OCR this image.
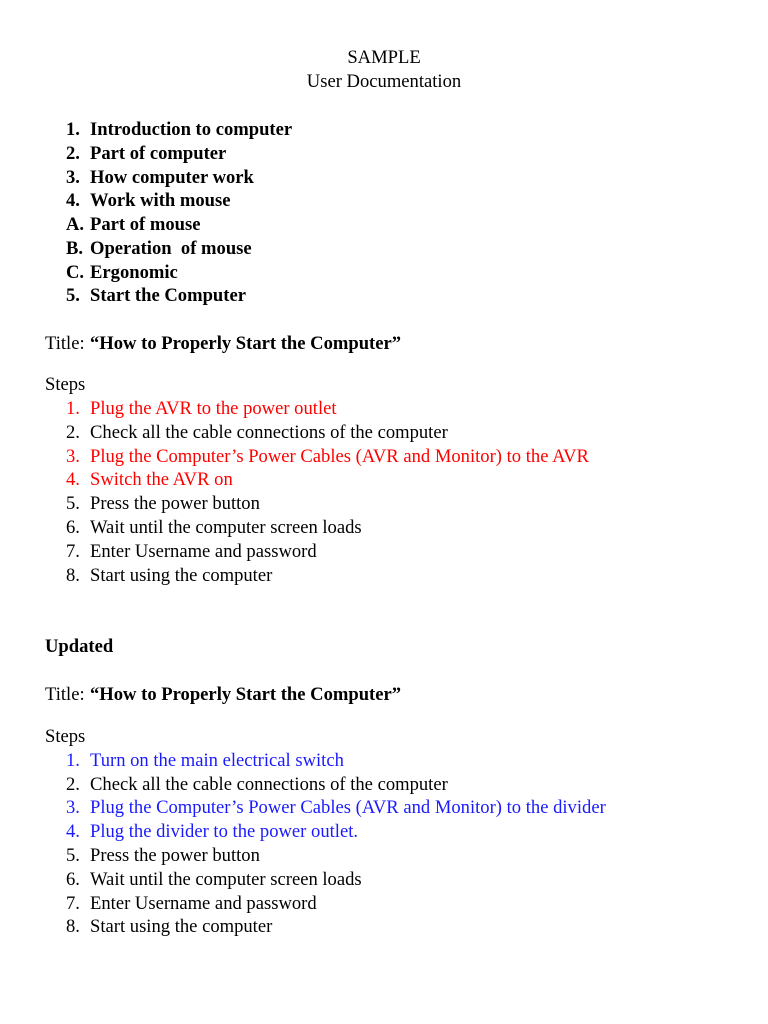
SAMPLE
User Documentation
1. Introduction to computer
2. Part of computer
3. How computer work
4. Work with mouse
A. Part of mouse
B. Operation  of mouse
C. Ergonomic
5. Start the Computer
Title: “How to Properly Start the Computer”
Steps
1. Plug the AVR to the power outlet
2. Check all the cable connections of the computer
3. Plug the Computer’s Power Cables (AVR and Monitor) to the AVR
4. Switch the AVR on
5. Press the power button
6. Wait until the computer screen loads
7. Enter Username and password
8. Start using the computer
Updated
Title: “How to Properly Start the Computer”
Steps
1. Turn on the main electrical switch
2. Check all the cable connections of the computer
3. Plug the Computer’s Power Cables (AVR and Monitor) to the divider
4. Plug the divider to the power outlet.
5. Press the power button
6. Wait until the computer screen loads
7. Enter Username and password
8. Start using the computer
